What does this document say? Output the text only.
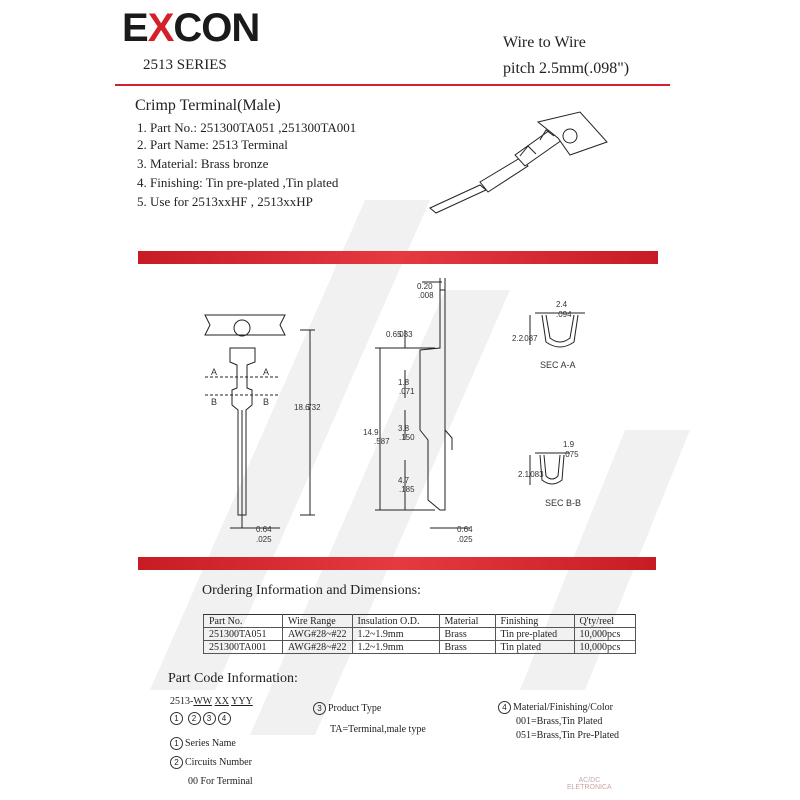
EXCON
2513 SERIES
Wire to Wire
pitch 2.5mm(.098")
Crimp Terminal(Male)
1. Part No.: 251300TA051 ,251300TA001
2. Part Name: 2513 Terminal
3. Material: Brass bronze
4. Finishing: Tin pre-plated ,Tin plated
5. Use for 2513xxHF , 2513xxHP
A	A
B	B
SEC A-A
SEC B-B
0.20
.008
0.65
.033
1.8
.071
3.8
.150
4.7
.185
14.9
.587
18.6
.732
0.64
.025
0.64
.025
2.4
.094
2.2
.087
1.9
.075
2.1
.083
Ordering Information and Dimensions:
Part No.	Wire Range	Insulation O.D.	Material	Finishing	Q'ty/reel
251300TA051	AWG#28~#22	1.2~1.9mm	Brass	Tin pre-plated	10,000pcs
251300TA001	AWG#28~#22	1.2~1.9mm	Brass	Tin plated	10,000pcs
Part Code Information:
2513-WW XX YYY
1 2 3 4
1 Series Name
2 Circuits Number
00 For Terminal
3 Product Type
TA=Terminal,male type
4 Material/Finishing/Color
001=Brass,Tin Plated
051=Brass,Tin Pre-Plated
AC/DC
ELETRONICA
